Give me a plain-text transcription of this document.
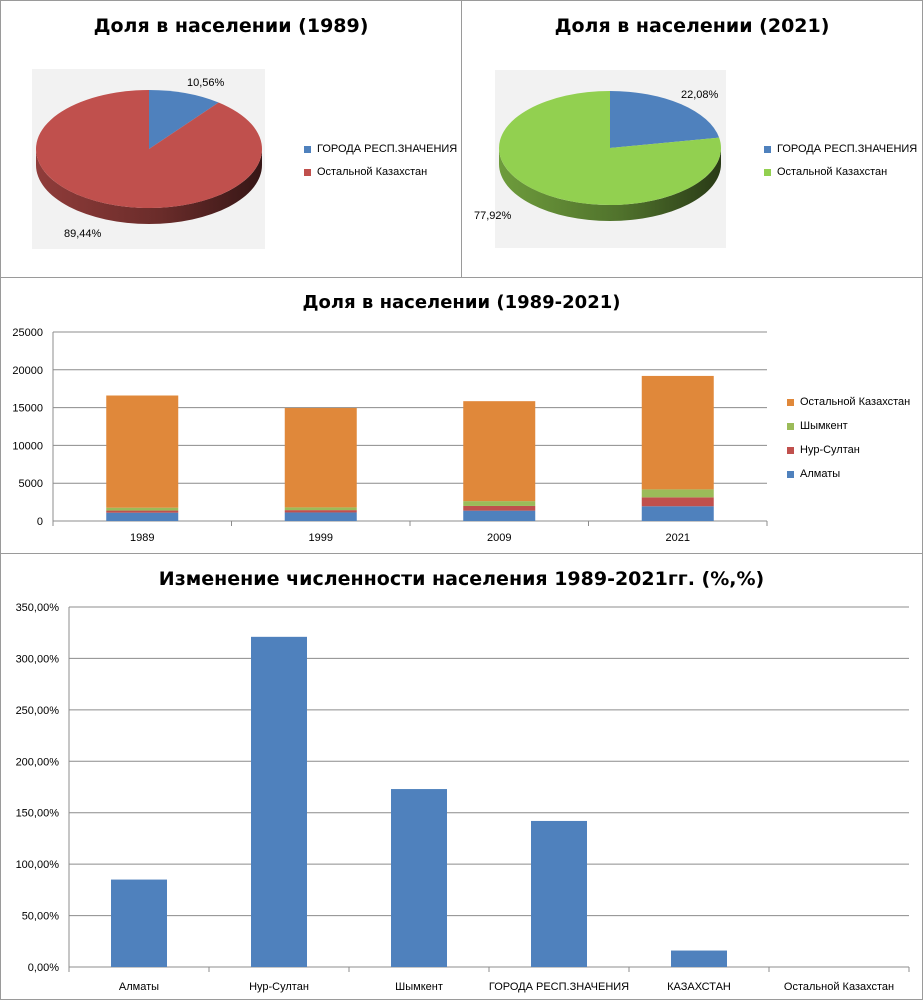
Доля в населении (1989)
10,56%
89,44%
ГОРОДА РЕСП.ЗНАЧЕНИЯ
Остальной Казахстан
Доля в населении (2021)
22,08%
77,92%
ГОРОДА РЕСП.ЗНАЧЕНИЯ
Остальной Казахстан
Доля в населении (1989-2021)
0
5000
10000
15000
20000
25000
1989	1999	2009	2021
Остальной Казахстан
Шымкент
Нур-Султан
Алматы
Изменение численности населения 1989-2021гг. (%,%)
0,00%
50,00%
100,00%
150,00%
200,00%
250,00%
300,00%
350,00%
Алматы	Нур-Султан	Шымкент	ГОРОДА РЕСП.ЗНАЧЕНИЯ	КАЗАХСТАН	Остальной Казахстан
